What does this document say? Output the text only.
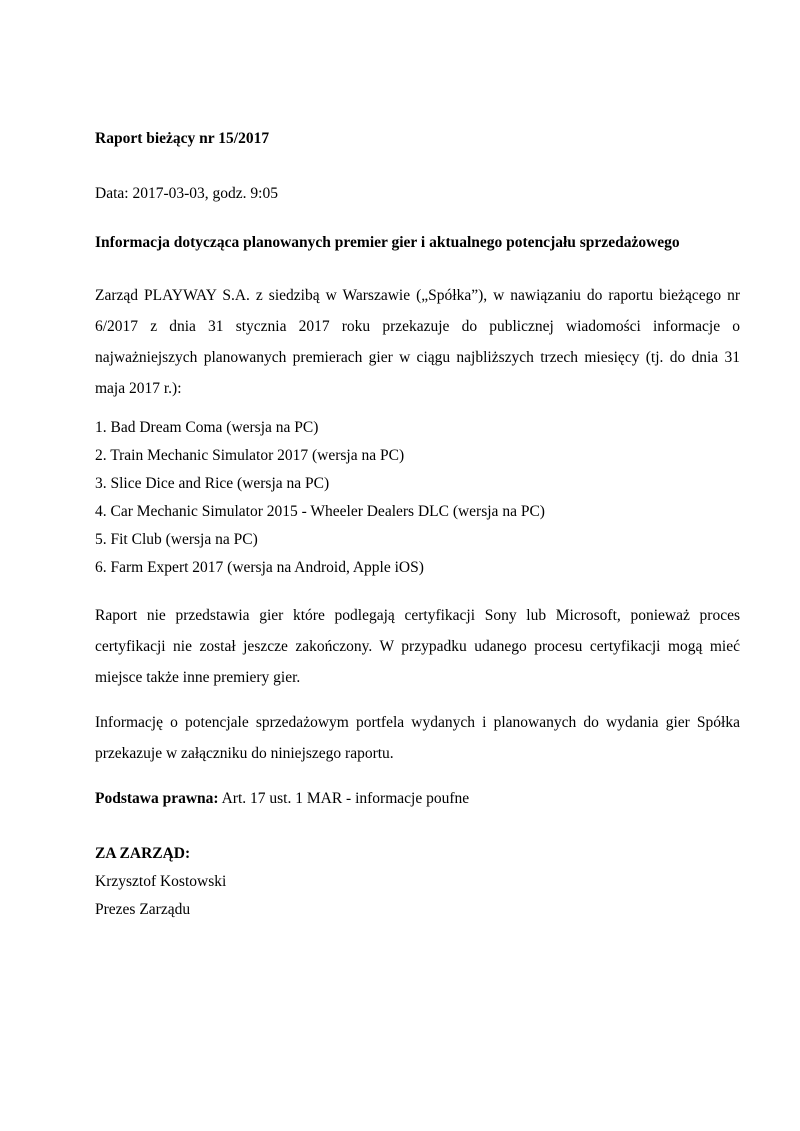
Raport bieżący nr 15/2017

Data: 2017-03-03, godz. 9:05

Informacja dotycząca planowanych premier gier i aktualnego potencjału sprzedażowego

Zarząd PLAYWAY S.A. z siedzibą w Warszawie („Spółka”), w nawiązaniu do raportu bieżącego nr 6/2017 z dnia 31 stycznia 2017 roku przekazuje do publicznej wiadomości informacje o najważniejszych planowanych premierach gier w ciągu najbliższych trzech miesięcy (tj. do dnia 31 maja 2017 r.):

1. Bad Dream Coma (wersja na PC)

2. Train Mechanic Simulator 2017 (wersja na PC)

3. Slice Dice and Rice (wersja na PC)

4. Car Mechanic Simulator 2015 - Wheeler Dealers DLC (wersja na PC)

5. Fit Club (wersja na PC)

6. Farm Expert 2017 (wersja na Android, Apple iOS)

Raport nie przedstawia gier które podlegają certyfikacji Sony lub Microsoft, ponieważ proces certyfikacji nie został jeszcze zakończony. W przypadku udanego procesu certyfikacji mogą mieć miejsce także inne premiery gier.

Informację o potencjale sprzedażowym portfela wydanych i planowanych do wydania gier Spółka przekazuje w załączniku do niniejszego raportu.

Podstawa prawna: Art. 17 ust. 1 MAR - informacje poufne

ZA ZARZĄD:

Krzysztof Kostowski

Prezes Zarządu
